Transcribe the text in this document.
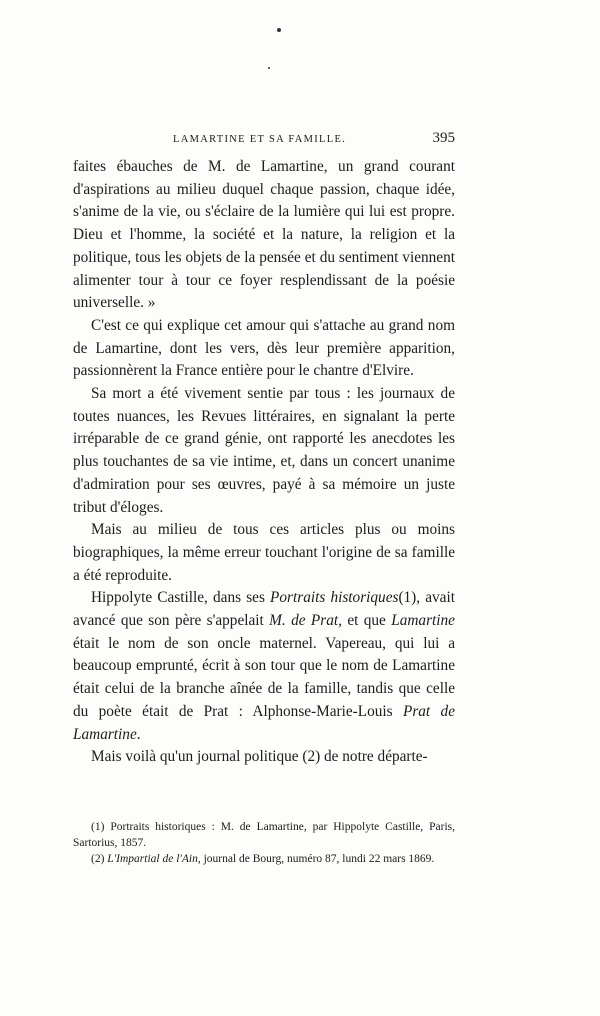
LAMARTINE ET SA FAMILLE.	395

faites ébauches de M. de Lamartine, un grand courant d'aspirations au milieu duquel chaque passion, chaque idée, s'anime de la vie, ou s'éclaire de la lumière qui lui est propre. Dieu et l'homme, la société et la nature, la religion et la politique, tous les objets de la pensée et du sentiment viennent alimenter tour à tour ce foyer resplendissant de la poésie universelle. »

C'est ce qui explique cet amour qui s'attache au grand nom de Lamartine, dont les vers, dès leur première apparition, passionnèrent la France entière pour le chantre d'Elvire.

Sa mort a été vivement sentie par tous : les journaux de toutes nuances, les Revues littéraires, en signalant la perte irréparable de ce grand génie, ont rapporté les anecdotes les plus touchantes de sa vie intime, et, dans un concert unanime d'admiration pour ses œuvres, payé à sa mémoire un juste tribut d'éloges.

Mais au milieu de tous ces articles plus ou moins biographiques, la même erreur touchant l'origine de sa famille a été reproduite.

Hippolyte Castille, dans ses Portraits historiques(1), avait avancé que son père s'appelait M. de Prat, et que Lamartine était le nom de son oncle maternel. Vapereau, qui lui a beaucoup emprunté, écrit à son tour que le nom de Lamartine était celui de la branche aînée de la famille, tandis que celle du poète était de Prat : Alphonse-Marie-Louis Prat de Lamartine.

Mais voilà qu'un journal politique (2) de notre départe-

(1) Portraits historiques : M. de Lamartine, par Hippolyte Castille, Paris, Sartorius, 1857.

(2) L'Impartial de l'Ain, journal de Bourg, numéro 87, lundi 22 mars 1869.
